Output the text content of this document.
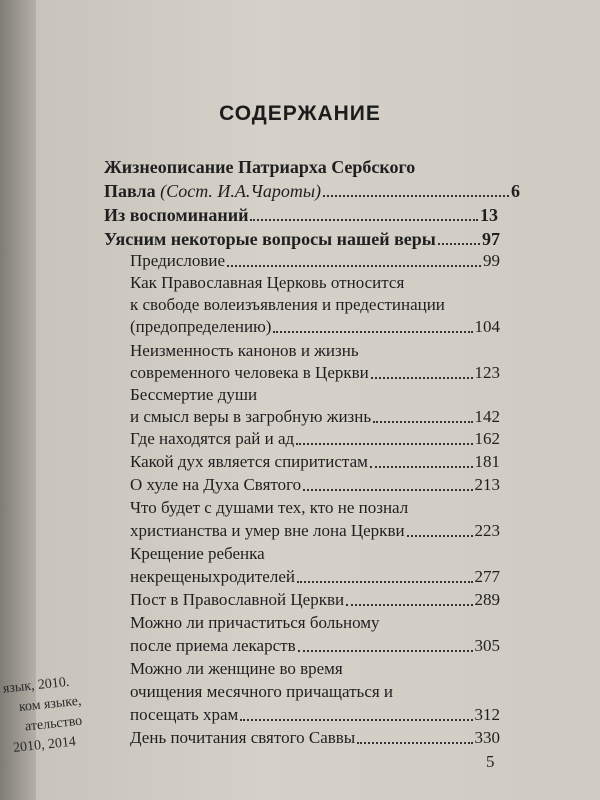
язык, 2010.
ком языке,
ательство
2010, 2014
СОДЕРЖАНИЕ
Жизнеописание Патриарха Сербского
Павла (Сост. И.А.Чароты)	6
Из воспоминаний	13
Уясним некоторые вопросы нашей веры	97
Предисловие	99
Как Православная Церковь относится
к свободе волеизъявления и предестинации
(предопределению)	104
Неизменность канонов и жизнь
современного человека в Церкви	123
Бессмертие души
и смысл веры в загробную жизнь	142
Где находятся рай и ад	162
Какой дух является спиритистам	181
О хуле на Духа Святого	213
Что будет с душами тех, кто не познал
христианства и умер вне лона Церкви	223
Крещение ребенка
некрещеныхродителей	277
Пост в Православной Церкви	289
Можно ли причаститься больному
после приема лекарств	305
Можно ли женщине во время
очищения месячного причащаться и
посещать храм	312
День почитания святого Саввы	330
5
